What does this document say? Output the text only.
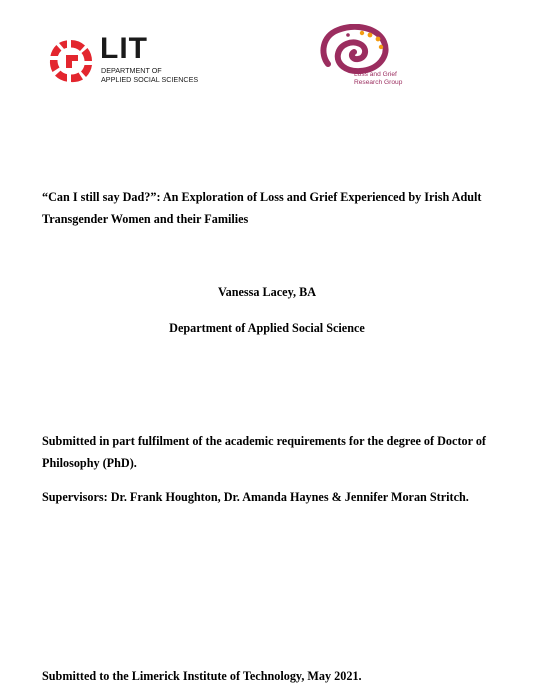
LIT
DEPARTMENT OF
APPLIED SOCIAL SCIENCES	Loss and Grief
Research Group
“Can I still say Dad?”: An Exploration of Loss and Grief Experienced by Irish Adult Transgender Women and their Families
Vanessa Lacey, BA
Department of Applied Social Science
Submitted in part fulfilment of the academic requirements for the degree of Doctor of Philosophy (PhD).
Supervisors: Dr. Frank Houghton, Dr. Amanda Haynes & Jennifer Moran Stritch.
Submitted to the Limerick Institute of Technology, May 2021.
